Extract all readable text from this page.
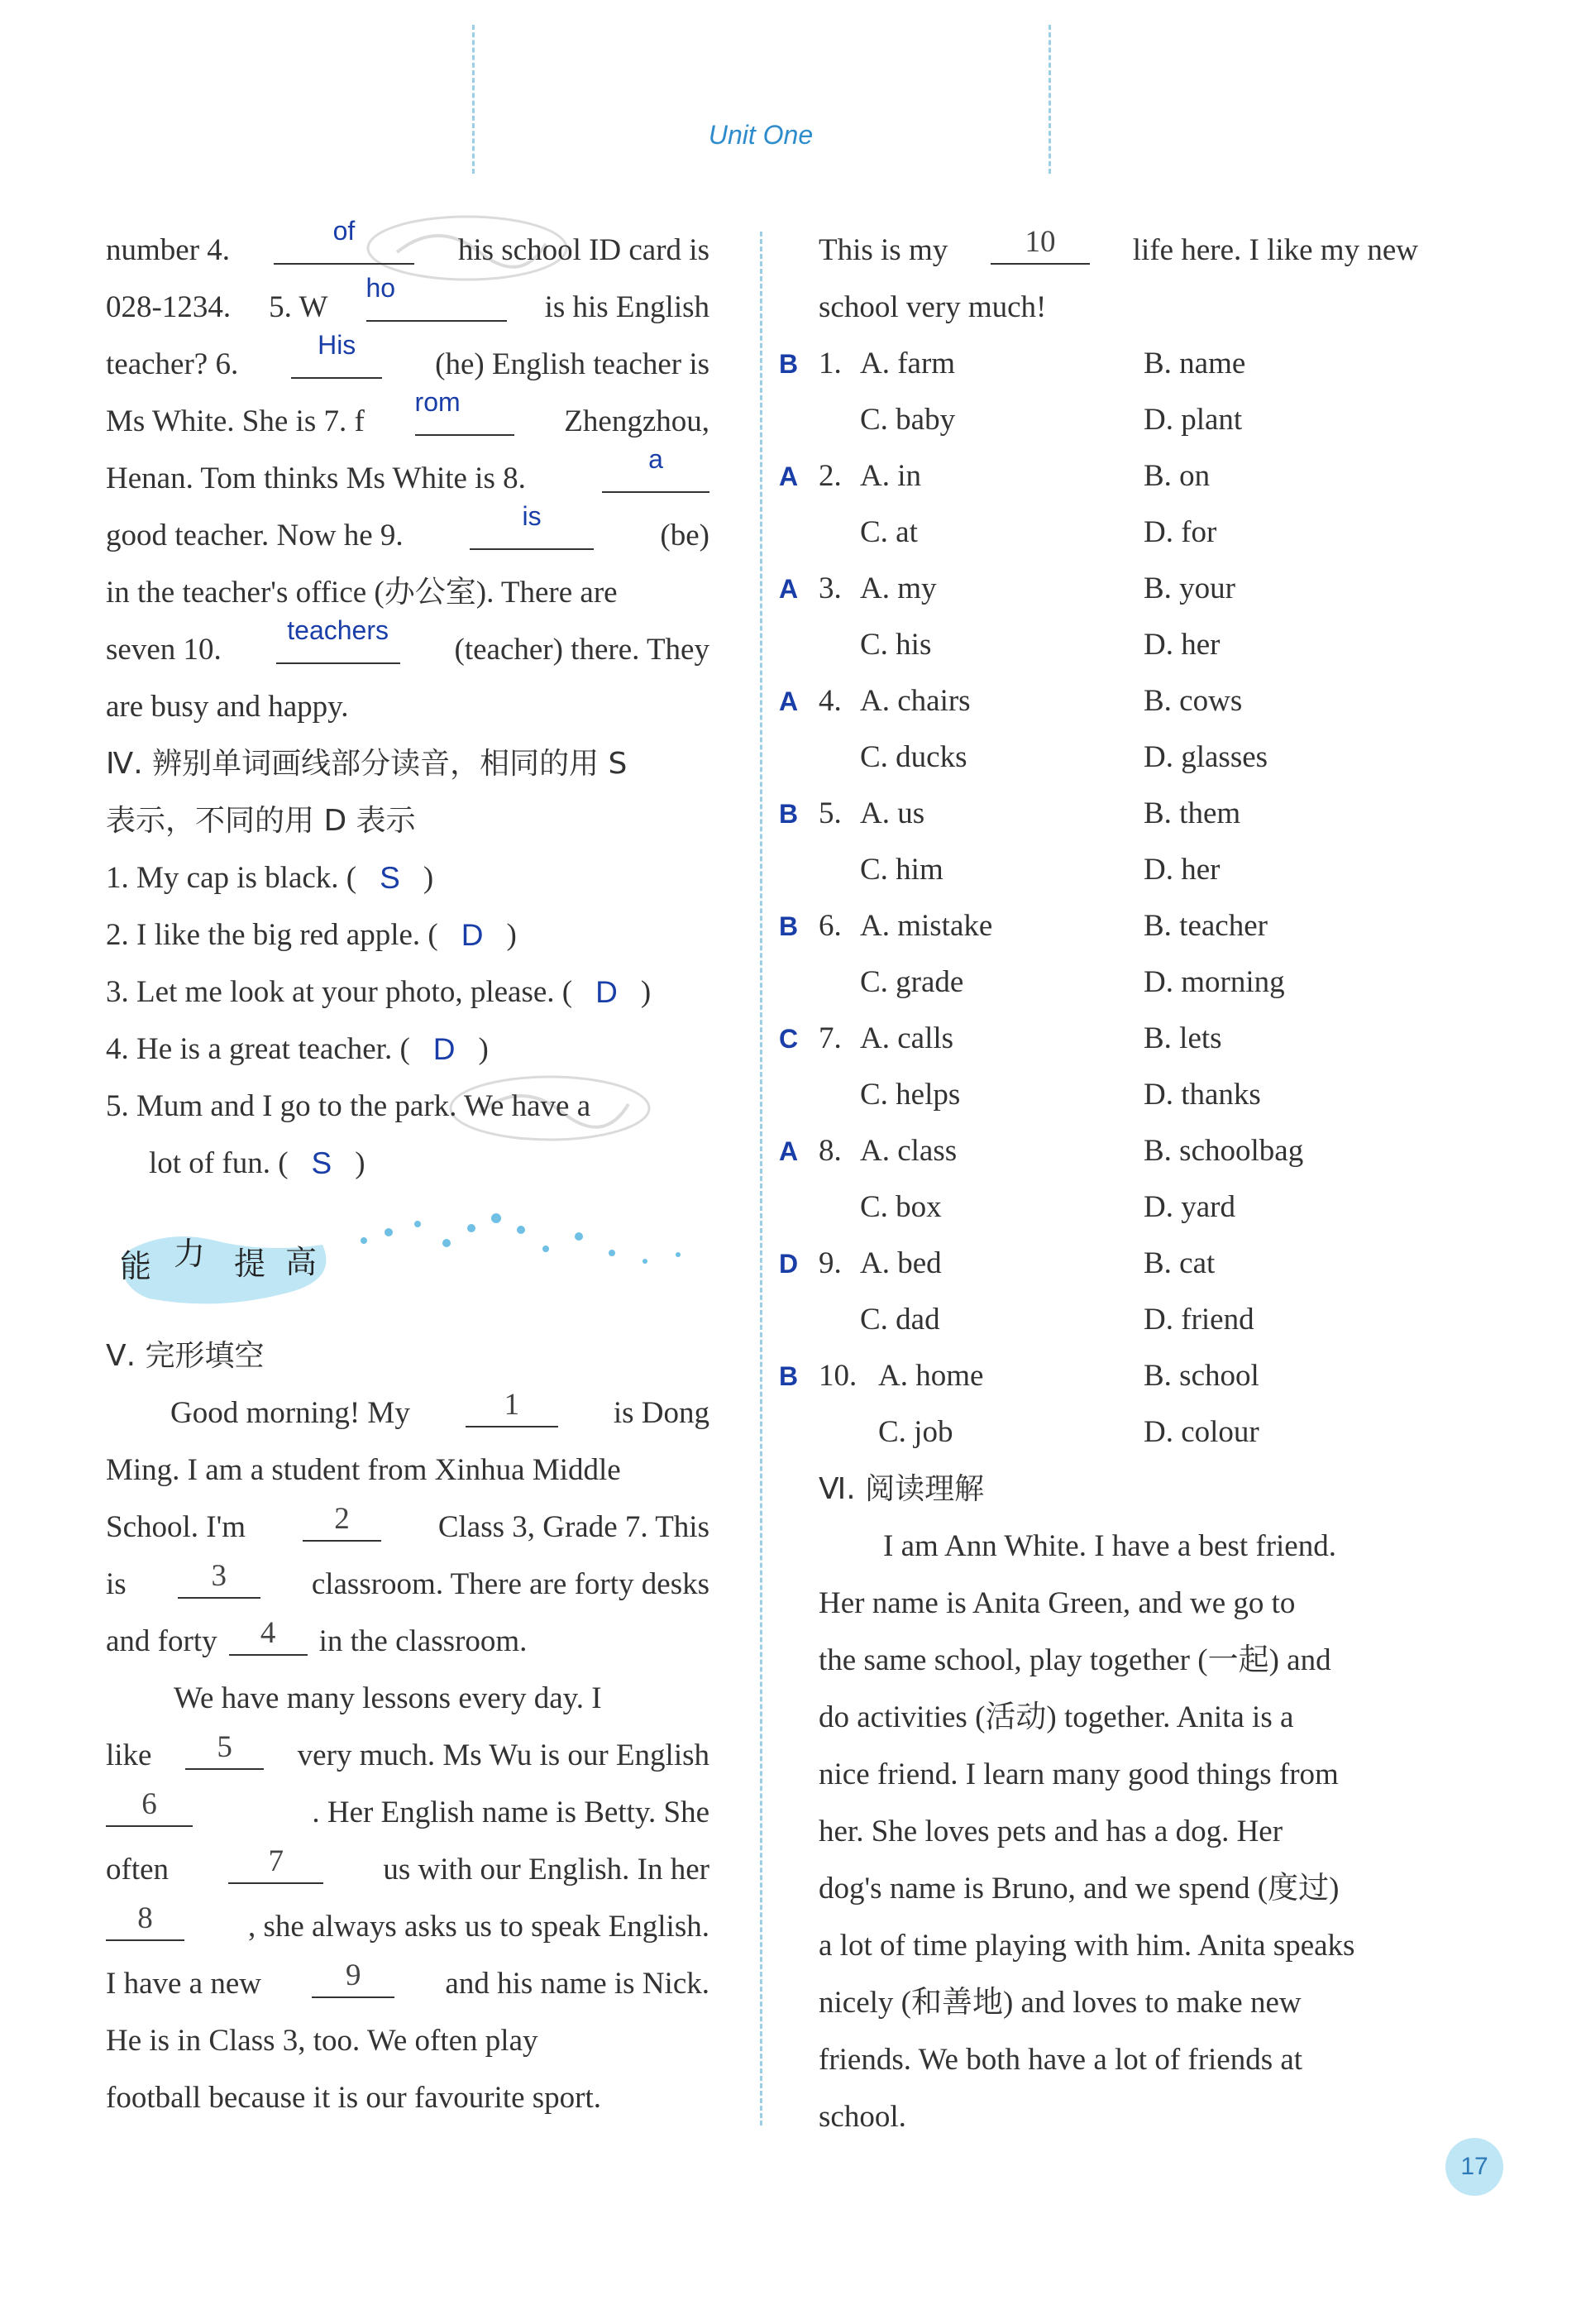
Unit One
number 4.
of
his school ID card is
028-1234. 5. W
ho
is his English
teacher? 6.
His
(he) English teacher is
Ms White. She is 7. f
rom
Zhengzhou,
Henan. Tom thinks Ms White is 8.
a
good teacher. Now he 9.
is
(be)
in the teacher's office (办公室). There are
seven 10.
teachers
(teacher) there. They
are busy and happy.
Ⅳ. 辨别单词画线部分读音，相同的用 S
表示，不同的用 D 表示
1. My cap is black. ( S )
2. I like the big red apple. ( D )
3. Let me look at your photo, please. ( D )
4. He is a great teacher. ( D )
5. Mum and I go to the park. We have a
lot of fun. ( S )
能 力 提 高
Ⅴ. 完形填空
Good morning! My	1	is Dong
Ming. I am a student from Xinhua Middle
School. I'm	2	Class 3, Grade 7. This
is	3	classroom. There are forty desks
and forty	4	in the classroom.
We have many lessons every day. I
like	5	very much. Ms Wu is our English
6	. Her English name is Betty. She
often	7	us with our English. In her
8	, she always asks us to speak English.
I have a new	9	and his name is Nick.
He is in Class 3, too. We often play
football because it is our favourite sport.
This is my	10	life here. I like my new
school very much!
B 1. A. farm	B. name
C. baby	D. plant
A 2. A. in	B. on
C. at	D. for
A 3. A. my	B. your
C. his	D. her
A 4. A. chairs	B. cows
C. ducks	D. glasses
B 5. A. us	B. them
C. him	D. her
B 6. A. mistake	B. teacher
C. grade	D. morning
C 7. A. calls	B. lets
C. helps	D. thanks
A 8. A. class	B. schoolbag
C. box	D. yard
D 9. A. bed	B. cat
C. dad	D. friend
B 10. A. home	B. school
C. job	D. colour
Ⅵ. 阅读理解
I am Ann White. I have a best friend.
Her name is Anita Green, and we go to
the same school, play together (一起) and
do activities (活动) together. Anita is a
nice friend. I learn many good things from
her. She loves pets and has a dog. Her
dog's name is Bruno, and we spend (度过)
a lot of time playing with him. Anita speaks
nicely (和善地) and loves to make new
friends. We both have a lot of friends at
school.
17
